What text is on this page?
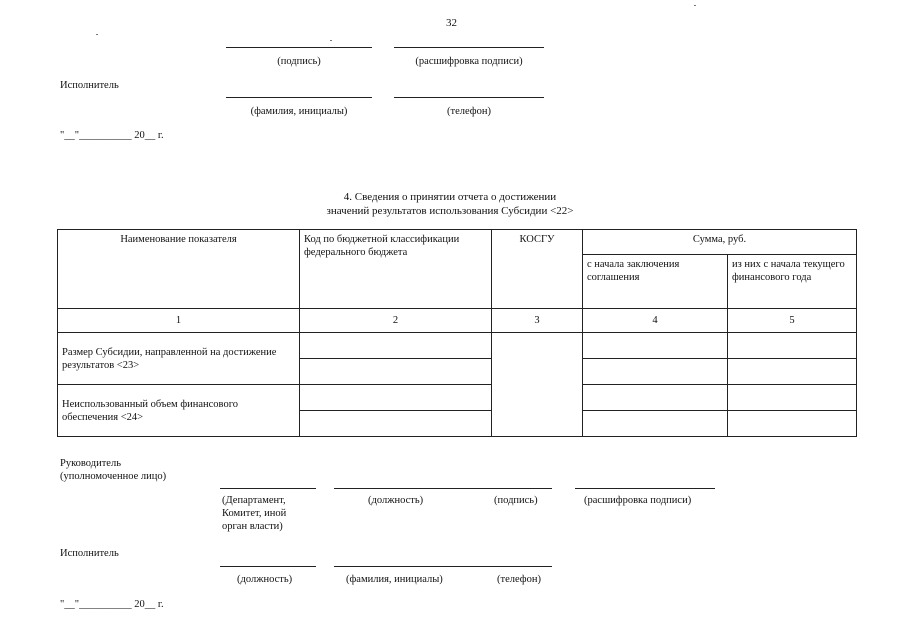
32
(подпись)	(расшифровка подписи)
Исполнитель
(фамилия, инициалы)	(телефон)
"__"__________ 20__ г.
4. Сведения о принятии отчета о достижении
значений результатов использования Субсидии <22>
Наименование показателя	Код по бюджетной классификации федерального бюджета	КОСГУ	Сумма, руб.	
			с начала заключения соглашения	из них с начала текущего финансового года
1	2	3	4	5
Размер Субсидии, направленной на достижение результатов <23>				

Неиспользованный объем финансового обеспечения <24>				

Руководитель
(уполномоченное лицо)
(Департамент,
Комитет, иной
орган власти)
(должность)	(подпись)	(расшифровка подписи)
Исполнитель
(должность)	(фамилия, инициалы)	(телефон)
"__"__________ 20__ г.
